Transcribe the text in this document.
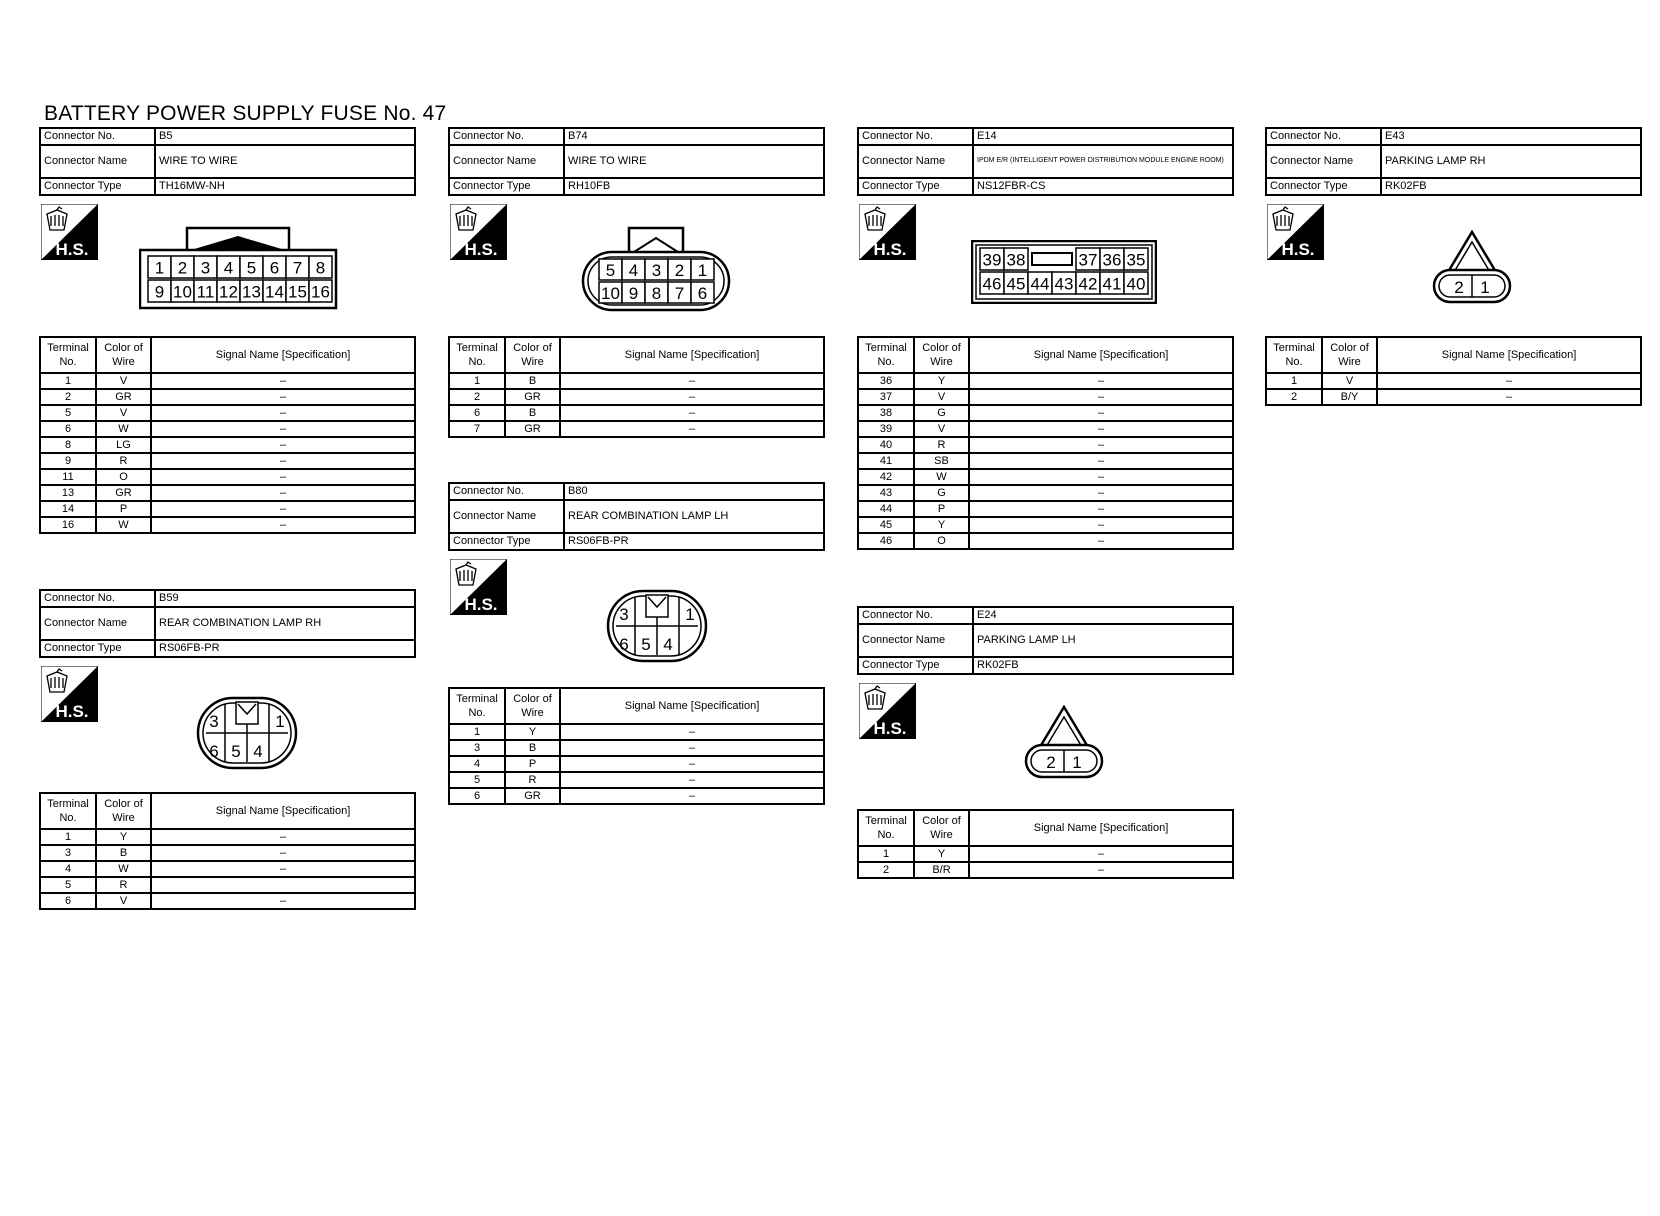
BATTERY POWER SUPPLY FUSE No. 47
Connector No.	B5
Connector Name	WIRE TO WIRE
Connector Type	TH16MW-NH
1 2 3 4 5 6 7 8
9 10 11 12 13 14 15 16
Terminal No.	Color of Wire	Signal Name [Specification]
1	V	–
2	GR	–
5	V	–
6	W	–
8	LG	–
9	R	–
11	O	–
13	GR	–
14	P	–
16	W	–
Connector No.	B59
Connector Name	REAR COMBINATION LAMP RH
Connector Type	RS06FB-PR
3	1
6 5 4
Terminal No.	Color of Wire	Signal Name [Specification]
1	Y	–
3	B	–
4	W	–
5	R	
6	V	–
Connector No.	B74
Connector Name	WIRE TO WIRE
Connector Type	RH10FB
5 4 3 2 1
10 9 8 7 6
Terminal No.	Color of Wire	Signal Name [Specification]
1	B	–
2	GR	–
6	B	–
7	GR	–
Connector No.	B80
Connector Name	REAR COMBINATION LAMP LH
Connector Type	RS06FB-PR
3	1
6 5 4
Terminal No.	Color of Wire	Signal Name [Specification]
1	Y	–
3	B	–
4	P	–
5	R	–
6	GR	–
Connector No.	E14
Connector Name	IPDM E/R (INTELLIGENT POWER DISTRIBUTION MODULE ENGINE ROOM)
Connector Type	NS12FBR-CS
39 38	37 36 35
46 45 44 43 42 41 40
Terminal No.	Color of Wire	Signal Name [Specification]
36	Y	–
37	V	–
38	G	–
39	V	–
40	R	–
41	SB	–
42	W	–
43	G	–
44	P	–
45	Y	–
46	O	–
Connector No.	E24
Connector Name	PARKING LAMP LH
Connector Type	RK02FB
2 1
Terminal No.	Color of Wire	Signal Name [Specification]
1	Y	–
2	B/R	–
Connector No.	E43
Connector Name	PARKING LAMP RH
Connector Type	RK02FB
2 1
Terminal No.	Color of Wire	Signal Name [Specification]
1	V	–
2	B/Y	–
